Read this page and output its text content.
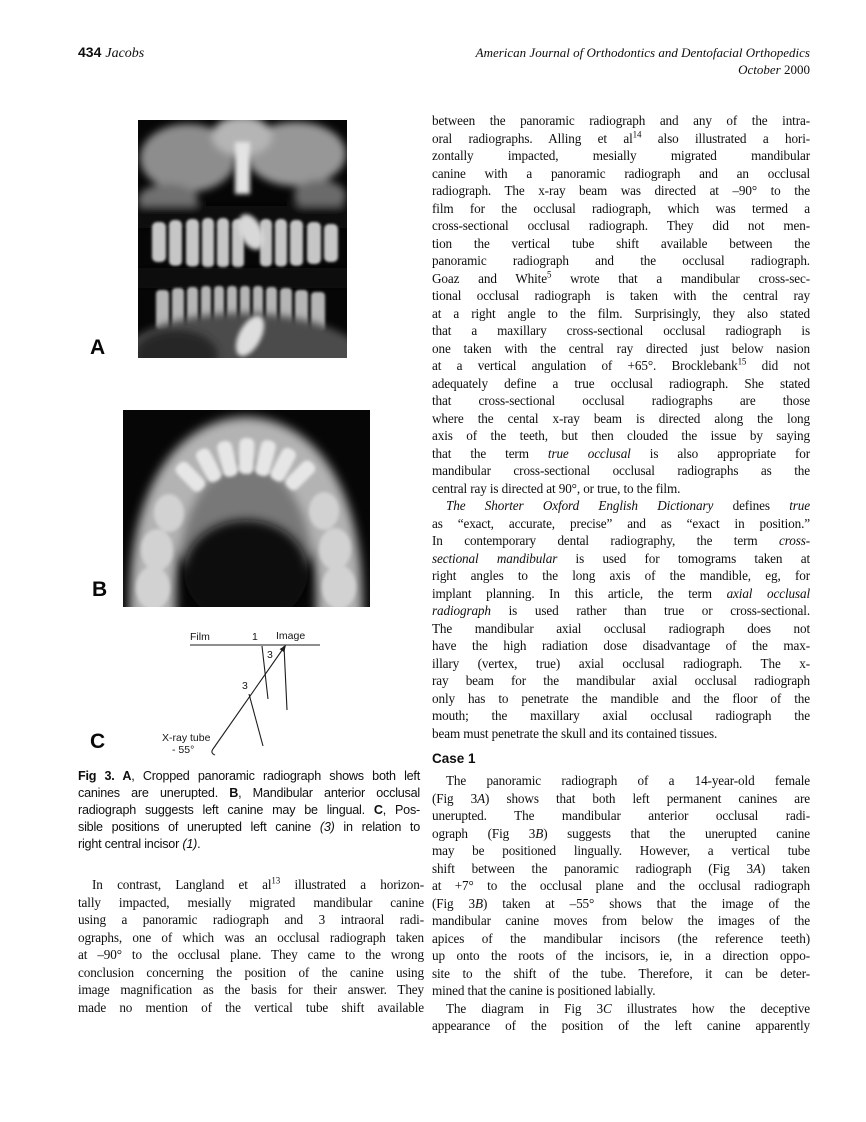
434 Jacobs	American Journal of Orthodontics and Dentofacial Orthopedics
October 2000
A
B
Film	1 Image
3
3
X-ray tube
- 55°
C
Fig 3. A, Cropped panoramic radiograph shows both left
canines are unerupted. B, Mandibular anterior occlusal
radiograph suggests left canine may be lingual. C, Pos-
sible positions of unerupted left canine (3) in relation to
right central incisor (1).
In contrast, Langland et $al^{13}$ illustrated a horizon-
tally impacted, mesially migrated mandibular canine
using a panoramic radiograph and 3 intraoral radi-
ographs, one of which was an occlusal radiograph taken
at –90° to the occlusal plane. They came to the wrong
conclusion concerning the position of the canine using
image magnification as the basis for their answer. They
made no mention of the vertical tube shift available
between the panoramic radiograph and any of the intra-
oral radiographs. Alling et $al^{14}$ also illustrated a hori-
zontally impacted, mesially migrated mandibular
canine with a panoramic radiograph and an occlusal
radiograph. The x-ray beam was directed at –90° to the
film for the occlusal radiograph, which was termed a
cross-sectional occlusal radiograph. They did not men-
tion the vertical tube shift available between the
panoramic radiograph and the occlusal radiograph.
Goaz and White$^5$ wrote that a mandibular cross-sec-
tional occlusal radiograph is taken with the central ray
at a right angle to the film. Surprisingly, they also stated
that a maxillary cross-sectional occlusal radiograph is
one taken with the central ray directed just below nasion
at a vertical angulation of +65°. Brocklebank$^{15}$ did not
adequately define a true occlusal radiograph. She stated
that cross-sectional occlusal radiographs are those
where the cental x-ray beam is directed along the long
axis of the teeth, but then clouded the issue by saying
that the term true occlusal is also appropriate for
mandibular cross-sectional occlusal radiographs as the
central ray is directed at 90°, or true, to the film.
The Shorter Oxford English Dictionary defines true
as “exact, accurate, precise” and as “exact in position.”
In contemporary dental radiography, the term cross-
sectional mandibular is used for tomograms taken at
right angles to the long axis of the mandible, eg, for
implant planning. In this article, the term axial occlusal
radiograph is used rather than true or cross-sectional.
The mandibular axial occlusal radiograph does not
have the high radiation dose disadvantage of the max-
illary (vertex, true) axial occlusal radiograph. The x-
ray beam for the mandibular axial occlusal radiograph
only has to penetrate the mandible and the floor of the
mouth; the maxillary axial occlusal radiograph the
beam must penetrate the skull and its contained tissues.
Case 1
The panoramic radiograph of a 14-year-old female
(Fig 3A) shows that both left permanent canines are
unerupted. The mandibular anterior occlusal radi-
ograph (Fig 3B) suggests that the unerupted canine
may be positioned lingually. However, a vertical tube
shift between the panoramic radiograph (Fig 3A) taken
at +7° to the occlusal plane and the occlusal radiograph
(Fig 3B) taken at –55° shows that the image of the
mandibular canine moves from below the images of the
apices of the mandibular incisors (the reference teeth)
up onto the roots of the incisors, ie, in a direction oppo-
site to the shift of the tube. Therefore, it can be deter-
mined that the canine is positioned labially.
The diagram in Fig 3C illustrates how the deceptive
appearance of the position of the left canine apparently
